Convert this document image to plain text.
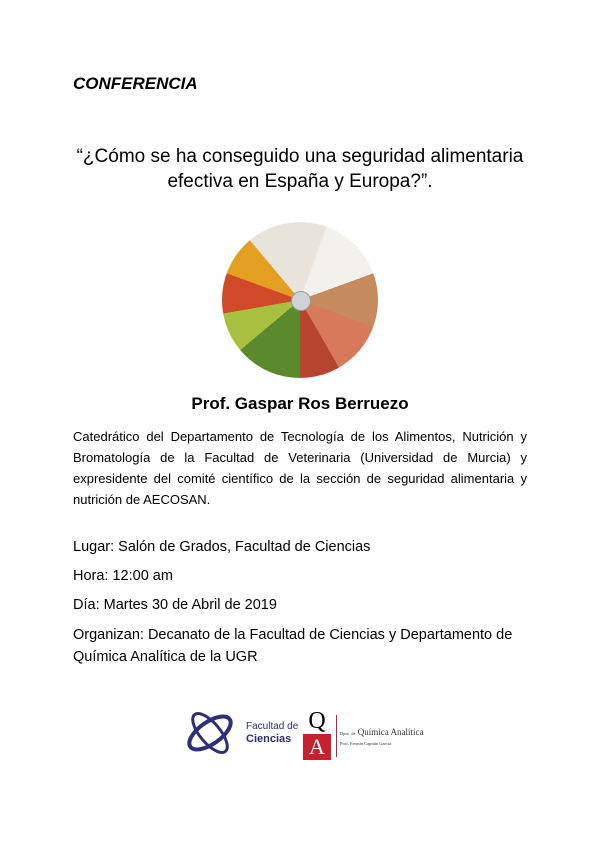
CONFERENCIA
“¿Cómo se ha conseguido una seguridad alimentaria
efectiva en España y Europa?”.
Prof. Gaspar Ros Berruezo
Catedrático del Departamento de Tecnología de los Alimentos, Nutrición y Bromatología de la Facultad de Veterinaria (Universidad de Murcia) y expresidente del comité científico de la sección de seguridad alimentaria y nutrición de AECOSAN.
Lugar: Salón de Grados, Facultad de Ciencias
Hora: 12:00 am
Día: Martes 30 de Abril de 2019
Organizan: Decanato de la Facultad de Ciencias y Departamento de Química Analítica de la UGR
Facultad de
Ciencias
Q
A
Dpto. de Química Analítica
Prof. Fermín Capitán García
